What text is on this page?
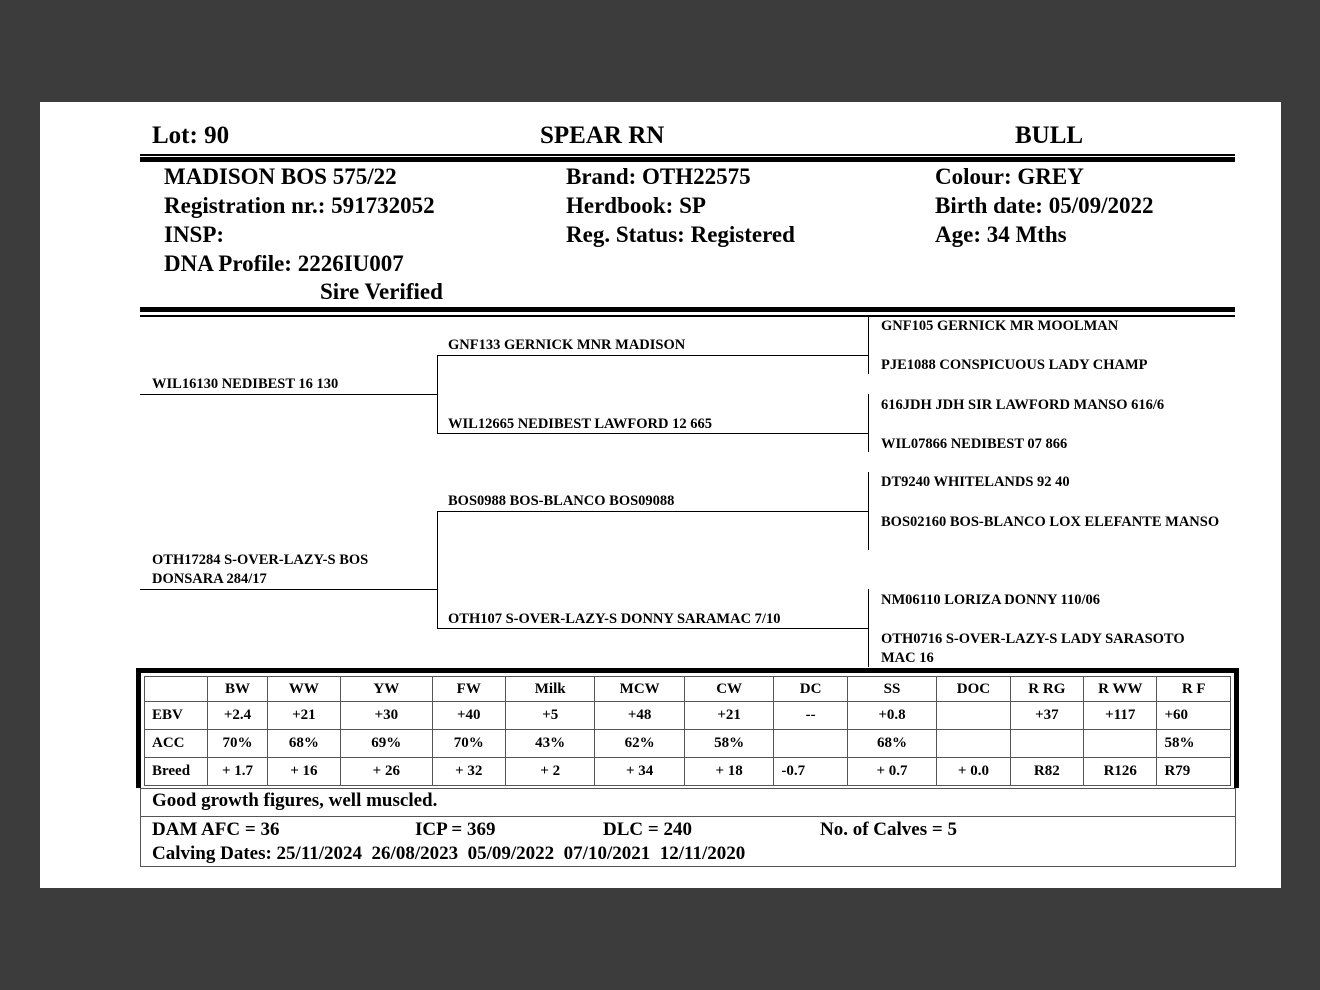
Lot: 90	SPEAR RN	BULL
MADISON BOS 575/22
Registration nr.: 591732052
INSP:
DNA Profile: 2226IU007
Sire Verified
Brand: OTH22575
Herdbook: SP
Reg. Status: Registered
Colour: GREY
Birth date: 05/09/2022
Age: 34 Mths
WIL16130 NEDIBEST 16 130
OTH17284 S-OVER-LAZY-S BOS DONSARA 284/17
GNF133 GERNICK MNR MADISON
WIL12665 NEDIBEST LAWFORD 12 665
BOS0988 BOS-BLANCO BOS09088
OTH107 S-OVER-LAZY-S DONNY SARAMAC 7/10
GNF105 GERNICK MR MOOLMAN
PJE1088 CONSPICUOUS LADY CHAMP
616JDH JDH SIR LAWFORD MANSO 616/6
WIL07866 NEDIBEST 07 866
DT9240 WHITELANDS 92 40
BOS02160 BOS-BLANCO LOX ELEFANTE MANSO
NM06110 LORIZA DONNY 110/06
OTH0716 S-OVER-LAZY-S LADY SARASOTO MAC 16
	BW	WW	YW	FW	Milk	MCW	CW	DC	SS	DOC	R RG	R WW	R F
EBV	+2.4	+21	+30	+40	+5	+48	+21	--	+0.8		+37	+117	+60
ACC	70%	68%	69%	70%	43%	62%	58%		68%				58%
Breed	+ 1.7	+ 16	+ 26	+ 32	+ 2	+ 34	+ 18	-0.7	+ 0.7	+ 0.0	R82	R126	R79
Good growth figures, well muscled.
DAM AFC = 36	ICP = 369	DLC = 240	No. of Calves = 5
Calving Dates: 25/11/2024  26/08/2023  05/09/2022  07/10/2021  12/11/2020
